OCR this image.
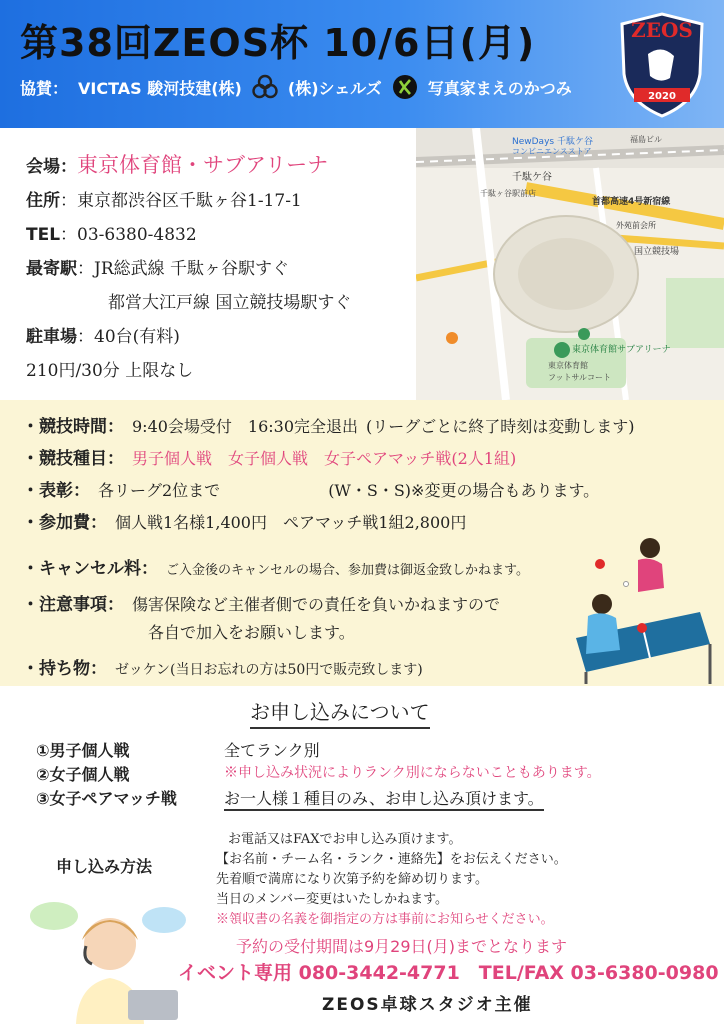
第38回ZEOS杯 10/6日(月)
協賛： VICTAS 駿河技建(株)	(株)シェルズ	写真家まえのかつみ
ZEOS
2020
会場：東京体育館・サブアリーナ
住所：東京都渋谷区千駄ヶ谷1-17-1
TEL：03-6380-4832
最寄駅：JR総武線 千駄ヶ谷駅すぐ
都営大江戸線 国立競技場駅すぐ
駐車場：40台(有料)
210円/30分 上限なし
NewDays 千駄ケ谷
コンビニエンスストア
千駄ケ谷
首都高速4号新宿線
国立競技場
外苑前会所
東京体育館サブアリーナ
東京体育館
フットサルコート
千駄ヶ谷駅前店
福島ビル
・競技時間： 9:40会場受付　16:30完全退出 (リーグごとに終了時刻は変動します)
・競技種目： 男子個人戦　女子個人戦　女子ペアマッチ戦(2人1組)
・表彰： 各リーグ2位まで	(W・S・S)※変更の場合もあります。
・参加費： 個人戦1名様1,400円　ペアマッチ戦1組2,800円
・キャンセル料： ご入金後のキャンセルの場合、参加費は御返金致しかねます。
・注意事項： 傷害保険など主催者側での責任を負いかねますので
各自で加入をお願いします。
・持ち物： ゼッケン(当日お忘れの方は50円で販売致します)
お申し込みについて
①男子個人戦
②女子個人戦
③女子ペアマッチ戦
全てランク別
※申し込み状況によりランク別にならないこともあります。
お一人様１種目のみ、お申し込み頂けます。
申し込み方法
お電話又はFAXでお申し込み頂けます。
【お名前・チーム名・ランク・連絡先】をお伝えください。
先着順で満席になり次第予約を締め切ります。
当日のメンバー変更はいたしかねます。
※領収書の名義を御指定の方は事前にお知らせください。
予約の受付期間は9月29日(月)までとなります
イベント専用 080-3442-4771　TEL/FAX 03-6380-0980
ZEOS卓球スタジオ主催
